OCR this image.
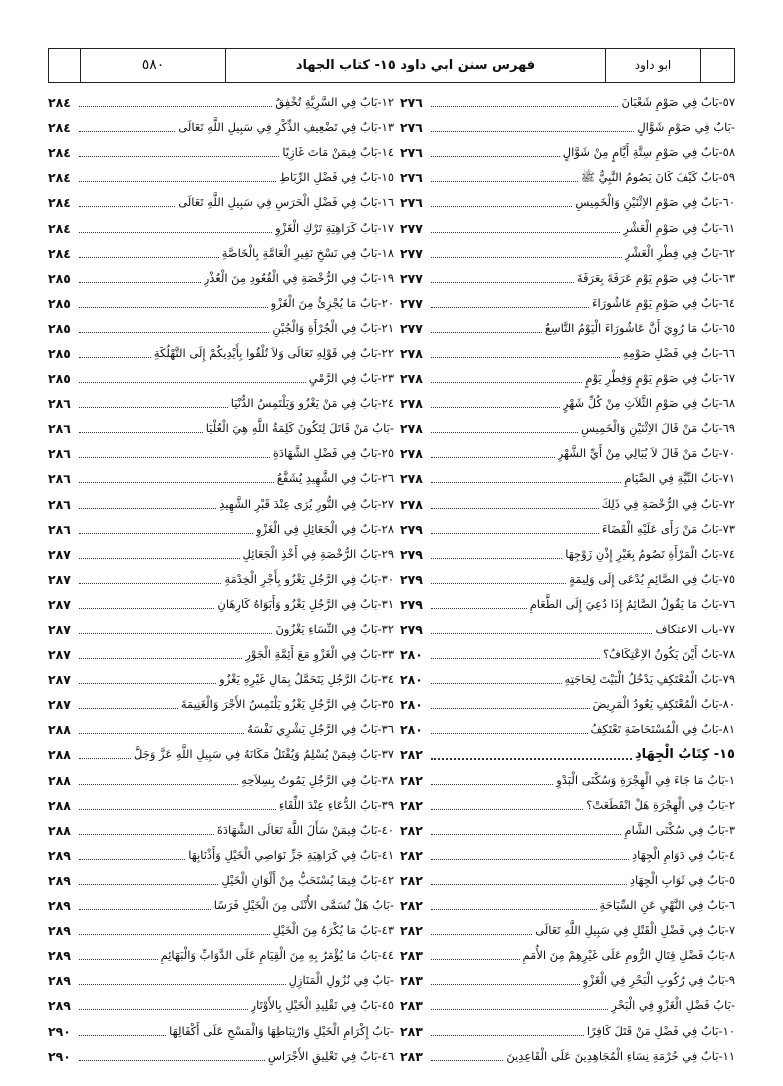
٥٨٠	فهرس سنن ابي داود ١٥- كتاب الجهاد	ابو داود
٥٧-بَابٌ فِي صَوْمِ شَعْبَانَ
٢٧٦
-بَابٌ فِي صَوْمِ شَوَّالٍ
٢٧٦
٥٨-بَابٌ فِي صَوْمِ سِتَّةِ أَيَّامٍ مِنْ شَوَّالٍ
٢٧٦
٥٩-بَابٌ كَيْفَ كَانَ يَصُومُ النَّبِيُّ ﷺ
٢٧٦
٦٠-بَابٌ فِي صَوْمِ الاِثْنَيْنِ وَالْخَمِيسِ
٢٧٦
٦١-بَابٌ فِي صَوْمِ الْعَشْرِ
٢٧٧
٦٢-بَابٌ فِي فِطْرِ الْعَشْرِ
٢٧٧
٦٣-بَابٌ فِي صَوْمِ يَوْمِ عَرَفَةَ بِعَرَفَةَ
٢٧٧
٦٤-بَابٌ فِي صَوْمِ يَوْمِ عَاشُورَاءَ
٢٧٧
٦٥-بَابٌ مَا رُوِيَ أَنَّ عَاشُورَاءَ الْيَوْمُ التَّاسِعُ
٢٧٧
٦٦-بَابٌ فِي فَضْلِ صَوْمِهِ
٢٧٨
٦٧-بَابٌ فِي صَوْمِ يَوْمٍ وَفِطْرِ يَوْمٍ
٢٧٨
٦٨-بَابٌ فِي صَوْمِ الثَّلاَثِ مِنْ كُلِّ شَهْرٍ
٢٧٨
٦٩-بَابٌ مَنْ قَالَ الاِثْنَيْنِ وَالْخَمِيسِ
٢٧٨
٧٠-بَابٌ مَنْ قَالَ لاَ يُبَالِي مِنْ أَيِّ الشَّهْرِ
٢٧٨
٧١-بَابُ النِّيَّةِ فِي الصِّيَامِ
٢٧٨
٧٢-بَابٌ فِي الرُّخْصَةِ فِي ذَلِكَ
٢٧٨
٧٣-بَابُ مَنْ رَأَى عَلَيْهِ الْقَضَاءَ
٢٧٩
٧٤-بَابُ الْمَرْأَةِ تَصُومُ بِغَيْرِ إِذْنِ زَوْجِهَا
٢٧٩
٧٥-بَابٌ فِي الصَّائِمِ يُدْعَى إِلَى وَلِيمَةٍ
٢٧٩
٧٦-بَابُ مَا يَقُولُ الصَّائِمُ إِذَا دُعِيَ إِلَى الطَّعَامِ
٢٧٩
٧٧-باب الاعتكاف
٢٧٩
٧٨-بَابٌ أَيْنَ يَكُونُ الاِعْتِكَافُ؟
٢٨٠
٧٩-بَابُ الْمُعْتَكِفِ يَدْخُلُ الْبَيْتَ لِحَاجَتِهِ
٢٨٠
٨٠-بَابُ الْمُعْتَكِفِ يَعُودُ الْمَرِيضَ
٢٨٠
٨١-بَابٌ فِي الْمُسْتَحَاضَةِ تَعْتَكِفُ
٢٨٠
١٥- كِتَابُ الْجِهَادِ
٢٨٢
١-بَابُ مَا جَاءَ فِي الْهِجْرَةِ وَسُكْنَى الْبَدْوِ
٢٨٢
٢-بَابٌ فِي الْهِجْرَةِ هَلْ انْقَطَعَتْ؟
٢٨٢
٣-بَابٌ فِي سُكْنَى الشَّامِ
٢٨٢
٤-بَابٌ فِي دَوَامِ الْجِهَادِ
٢٨٢
٥-بَابٌ فِي ثَوَابِ الْجِهَادِ
٢٨٢
٦-بَابٌ فِي النَّهْيِ عَنِ السِّيَاحَةِ
٢٨٢
٧-بَابٌ فِي فَضْلِ الْقَتْلِ فِي سَبِيلِ اللَّهِ تَعَالَى
٢٨٢
٨-بَابٌ فَضْلِ قِتَالِ الرُّومِ عَلَى غَيْرِهِمْ مِنَ الأُمَمِ
٢٨٣
٩-بَابٌ فِي رُكُوبِ الْبَحْرِ فِي الْغَزْوِ
٢٨٣
-بَابُ فَضْلِ الْغَزْوِ فِي الْبَحْرِ
٢٨٣
١٠-بَابٌ فِي فَضْلِ مَنْ قَتَلَ كَافِرًا
٢٨٣
١١-بَابٌ فِي حُرْمَةِ نِسَاءِ الْمُجَاهِدِينَ عَلَى الْقَاعِدِينَ
٢٨٣
١٢-بَابٌ فِي السَّرِيَّةِ تُخْفِقُ
٢٨٤
١٣-بَابٌ فِي تَضْعِيفِ الذِّكْرِ فِي سَبِيلِ اللَّهِ تَعَالَى
٢٨٤
١٤-بَابٌ فِيمَنْ مَاتَ غَازِيًا
٢٨٤
١٥-بَابٌ فِي فَضْلِ الرِّبَاطِ
٢٨٤
١٦-بَابٌ فِي فَضْلِ الْحَرَسِ فِي سَبِيلِ اللَّهِ تَعَالَى
٢٨٤
١٧-بَابٌ كَرَاهِيَةِ تَرْكِ الْغَزْوِ
٢٨٤
١٨-بَابٌ فِي نَسْخِ نَفِيرِ الْعَامَّةِ بِالْخَاصَّةِ
٢٨٤
١٩-بَابٌ فِي الرُّخْصَةِ فِي الْقُعُودِ مِنَ الْعُذْرِ
٢٨٥
٢٠-بَابٌ مَا يُجْزِئُ مِنَ الْغَزْوِ
٢٨٥
٢١-بَابٌ فِي الْجُرْأَةِ وَالْجُبْنِ
٢٨٥
٢٢-بَابٌ فِي قَوْلِهِ تَعَالَى وَلاَ تُلْقُوا بِأَيْدِيكُمْ إِلَى التَّهْلُكَةِ
٢٨٥
٢٣-بَابٌ فِي الرَّمْيِ
٢٨٥
٢٤-بَابٌ فِي مَنْ يَغْزُو وَيَلْتَمِسُ الدُّنْيَا
٢٨٦
-بَابُ مَنْ قَاتَلَ لِتَكُونَ كَلِمَةُ اللَّهِ هِيَ الْعُلْيَا
٢٨٦
٢٥-بَابٌ فِي فَضْلِ الشَّهَادَةِ
٢٨٦
٢٦-بَابٌ فِي الشَّهِيدِ يُشَفَّعُ
٢٨٦
٢٧-بَابٌ فِي النُّورِ يُرَى عِنْدَ قَبْرِ الشَّهِيدِ
٢٨٦
٢٨-بَابٌ فِي الْجَعَائِلِ فِي الْغَزْوِ
٢٨٦
٢٩-بَابُ الرُّخْصَةِ فِي أَخْذِ الْجَعَائِلِ
٢٨٧
٣٠-بَابٌ فِي الرَّجُلِ يَغْزُو بِأَجْرِ الْخِدْمَةِ
٢٨٧
٣١-بَابٌ فِي الرَّجُلِ يَغْزُو وَأَبَوَاهُ كَارِهَانِ
٢٨٧
٣٢-بَابٌ فِي النِّسَاءِ يَغْزُونَ
٢٨٧
٣٣-بَابٌ فِي الْغَزْوِ مَعَ أَئِمَّةِ الْجَوْرِ
٢٨٧
٣٤-بَابُ الرَّجُلِ يَتَحَمَّلُ بِمَالِ غَيْرِهِ يَغْزُو
٢٨٧
٣٥-بَابٌ فِي الرَّجُلِ يَغْزُو يَلْتَمِسُ الأَجْرَ وَالْغَنِيمَةَ
٢٨٧
٣٦-بَابٌ فِي الرَّجُلِ يَشْرِي نَفْسَهُ
٢٨٨
٣٧-بَابٌ فِيمَنْ يُسْلِمُ وَيُقْتَلُ مَكَانَهُ فِي سَبِيلِ اللَّهِ عَزَّ وَجَلَّ
٢٨٨
٣٨-بَابٌ فِي الرَّجُلِ يَمُوتُ بِسِلاَحِهِ
٢٨٨
٣٩-بَابُ الدُّعَاءِ عِنْدَ اللِّقَاءِ
٢٨٨
٤٠-بَابٌ فِيمَنْ سَأَلَ اللَّهَ تَعَالَى الشَّهَادَةَ
٢٨٨
٤١-بَابٌ فِي كَرَاهِيَةِ جَزِّ نَوَاصِي الْخَيْلِ وَأَذْنَابِهَا
٢٨٩
٤٢-بَابٌ فِيمَا يُسْتَحَبُّ مِنْ أَلْوَانِ الْخَيْلِ
٢٨٩
-بَابٌ هَلْ تُسَمَّى الأُنْثَى مِنَ الْخَيْلِ فَرَسًا
٢٨٩
٤٣-بَابُ مَا يُكْرَهُ مِنَ الْخَيْلِ
٢٨٩
٤٤-بَابُ مَا يُؤْمَرُ بِهِ مِنَ الْقِيَامِ عَلَى الدَّوَابِّ وَالْبَهَائِمِ
٢٨٩
-بَابٌ فِي نُزُولِ الْمَنَازِلِ
٢٨٩
٤٥-بَابٌ فِي تَقْلِيدِ الْخَيْلِ بِالأَوْتَارِ
٢٨٩
-بَابُ إِكْرَامِ الْخَيْلِ وَارْتِبَاطِهَا وَالْمَسْحِ عَلَى أَكْفَالِهَا
٢٩٠
٤٦-بَابٌ فِي تَعْلِيقِ الأَجْرَاسِ
٢٩٠
